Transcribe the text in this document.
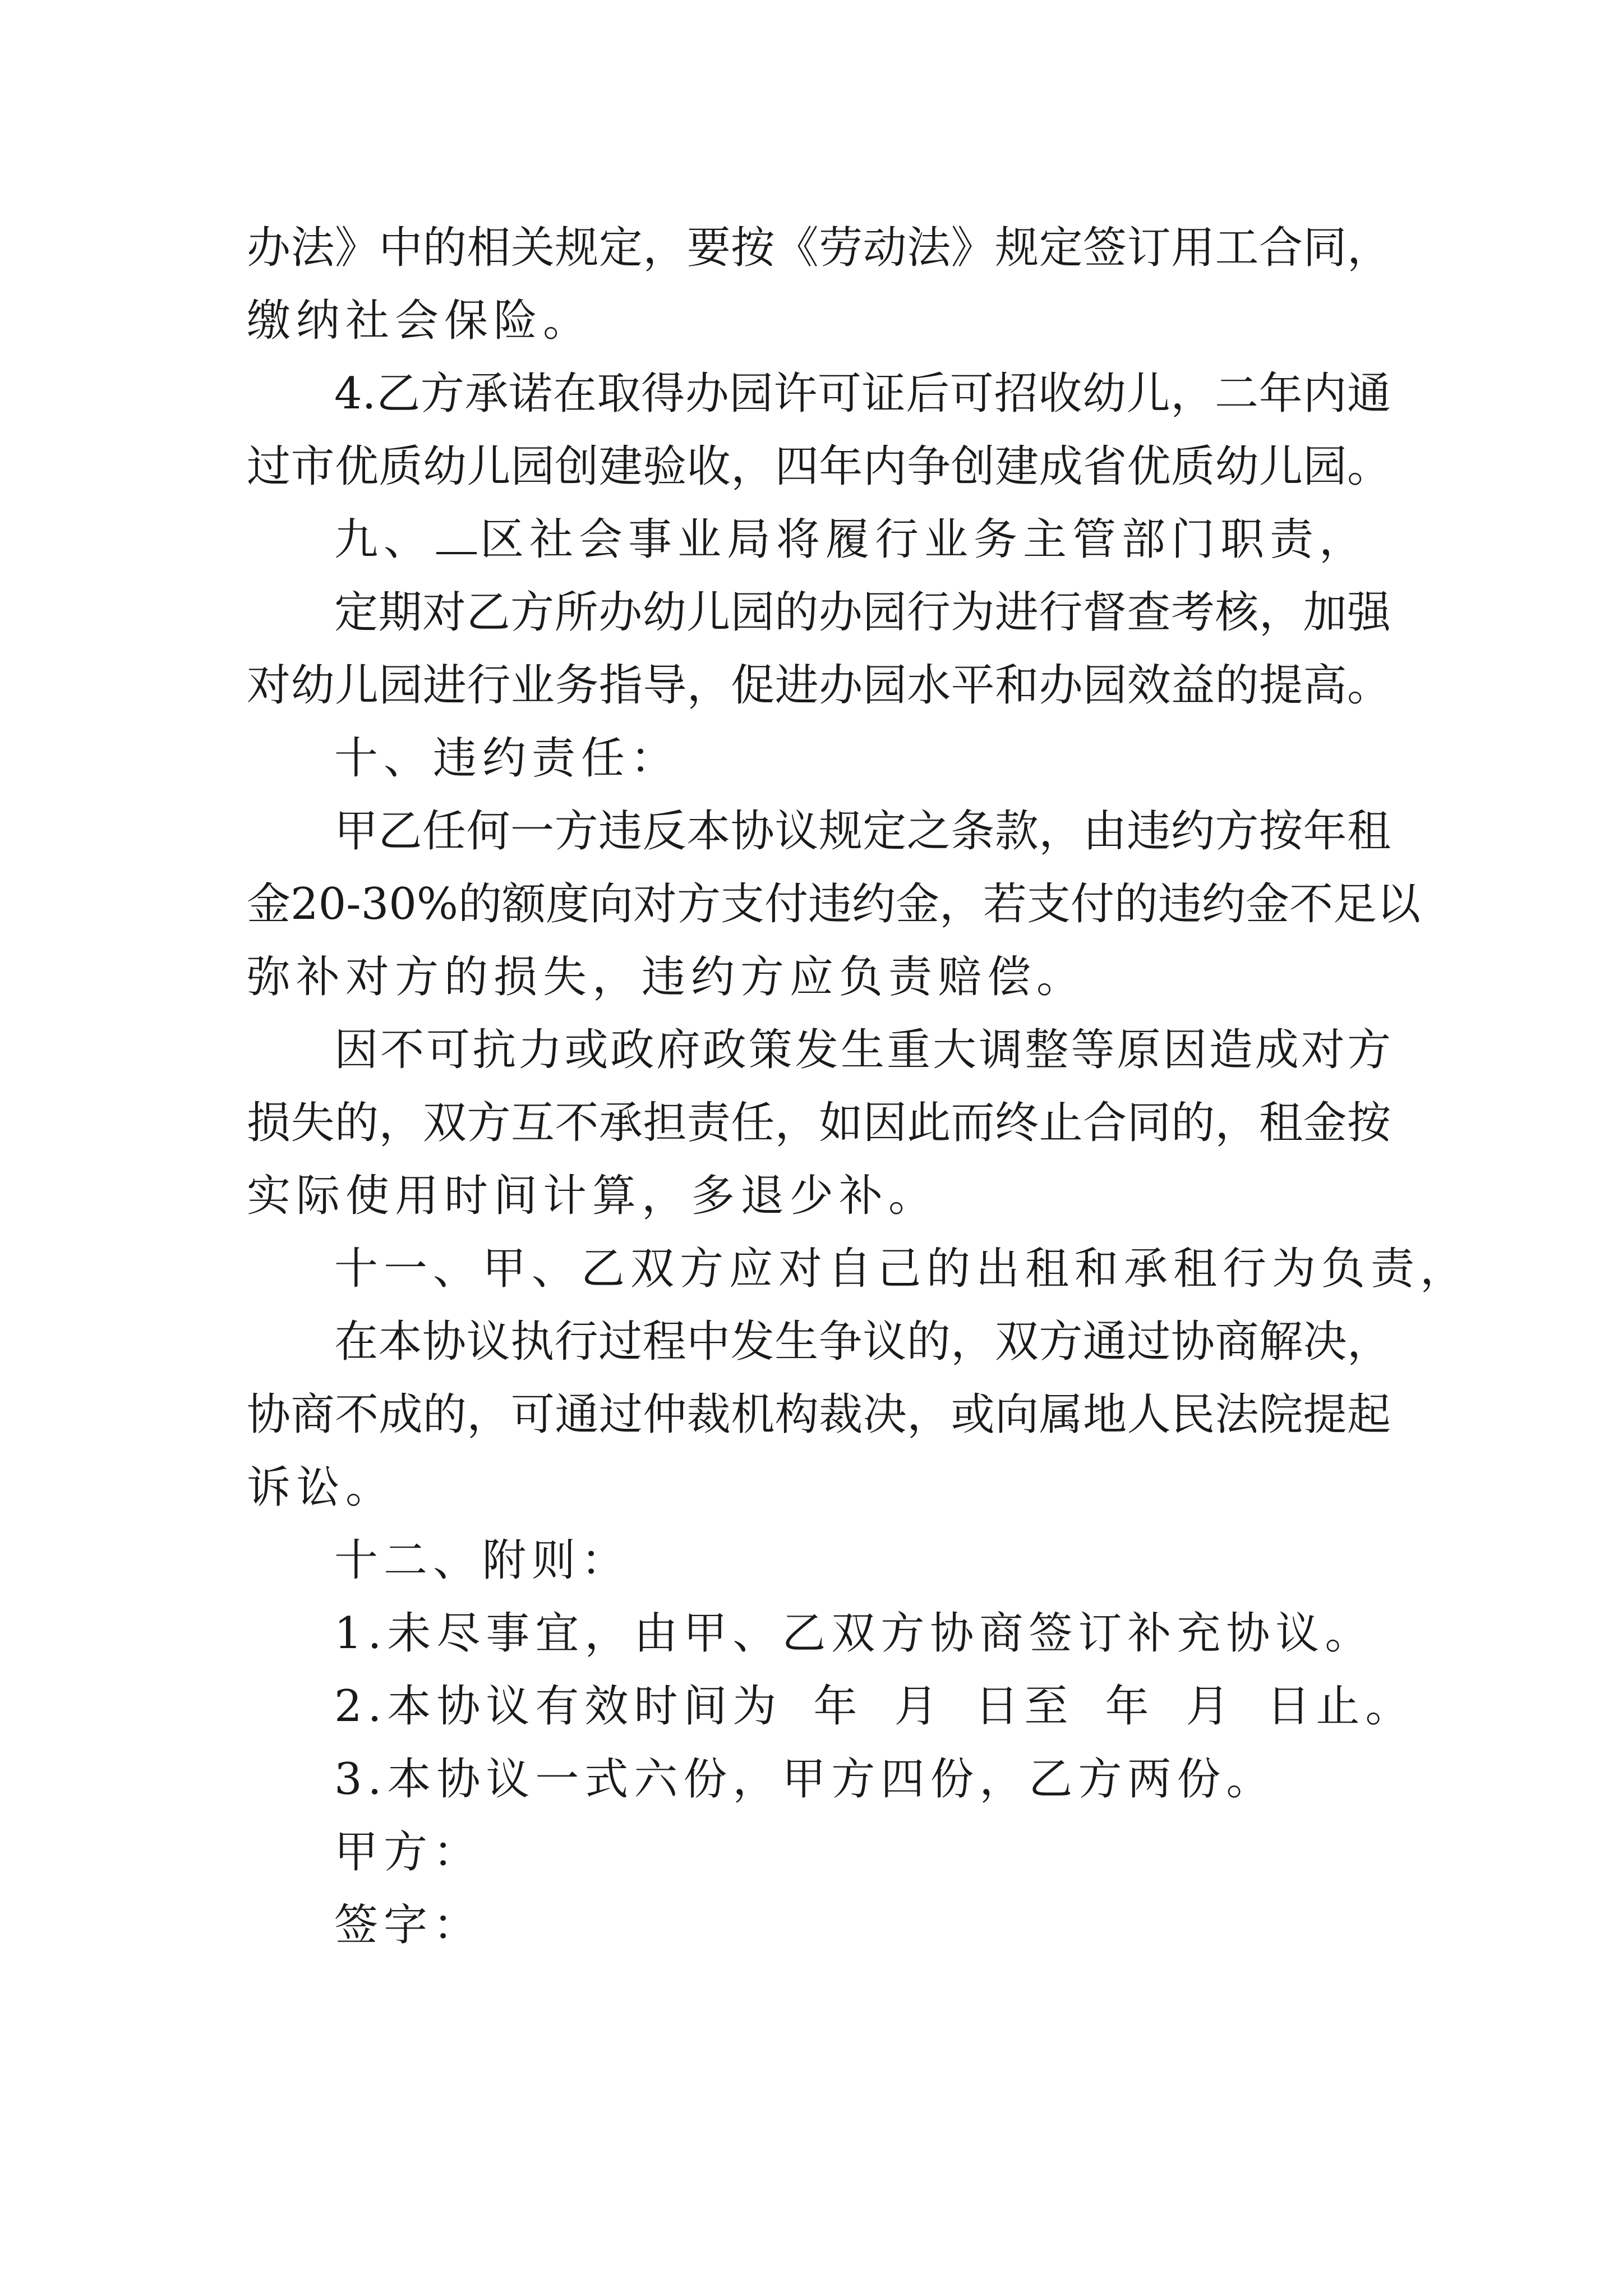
办法》中的相关规定，要按《劳动法》规定签订用工合同，
缴纳社会保险。
4.乙方承诺在取得办园许可证后可招收幼儿，二年内通
过市优质幼儿园创建验收，四年内争创建成省优质幼儿园。
九、 区社会事业局将履行业务主管部门职责，
定期对乙方所办幼儿园的办园行为进行督查考核，加强
对幼儿园进行业务指导，促进办园水平和办园效益的提高。
十、违约责任：
甲乙任何一方违反本协议规定之条款，由违约方按年租
金20-30%的额度向对方支付违约金，若支付的违约金不足以
弥补对方的损失，违约方应负责赔偿。
因不可抗力或政府政策发生重大调整等原因造成对方
损失的，双方互不承担责任，如因此而终止合同的，租金按
实际使用时间计算，多退少补。
十一、甲、乙双方应对自己的出租和承租行为负责，
在本协议执行过程中发生争议的，双方通过协商解决，
协商不成的，可通过仲裁机构裁决，或向属地人民法院提起
诉讼。
十二、附则：
1.未尽事宜，由甲、乙双方协商签订补充协议。
2.本协议有效时间为 年 月 日至 年 月 日止。
3.本协议一式六份，甲方四份，乙方两份。
甲方：
签字：
